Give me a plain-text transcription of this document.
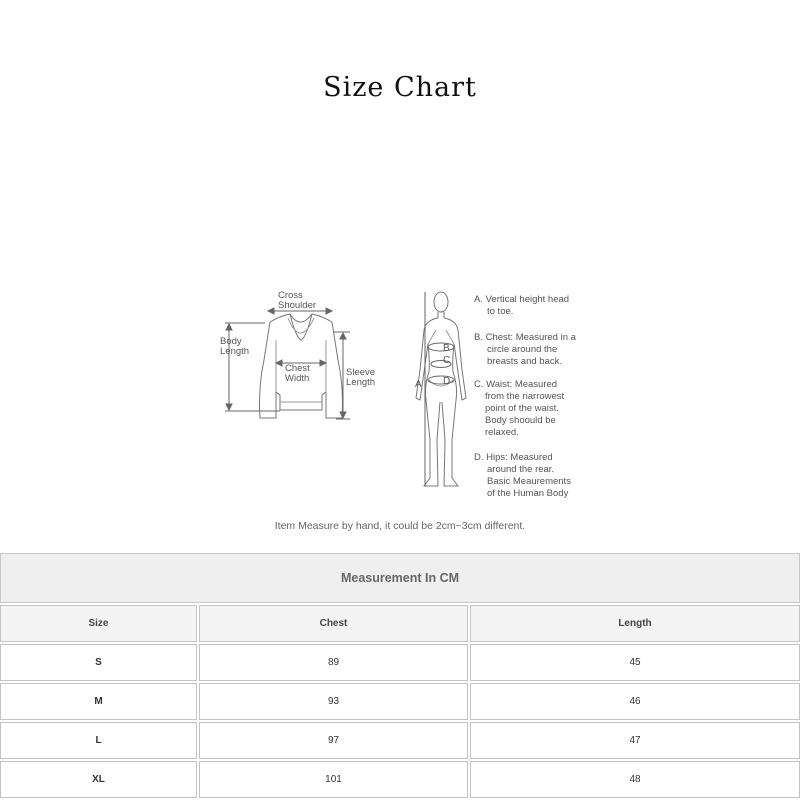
Size Chart
Cross Shoulder
Body Length
Chest Width
Sleeve Length	A
B
C
D
A. Vertical height head to toe.
B. Chest: Measured in a circle around the breasts and back.
C. Waist: Measured from the narrowest point of the waist. Body shoould be relaxed.
D. Hips: Measured around the rear. Basic Meaurements of the Human Body
Item Measure by hand, it could be 2cm~3cm different.
Measurement In CM
Size	Chest	Length
S	89	45
M	93	46
L	97	47
XL	101	48
